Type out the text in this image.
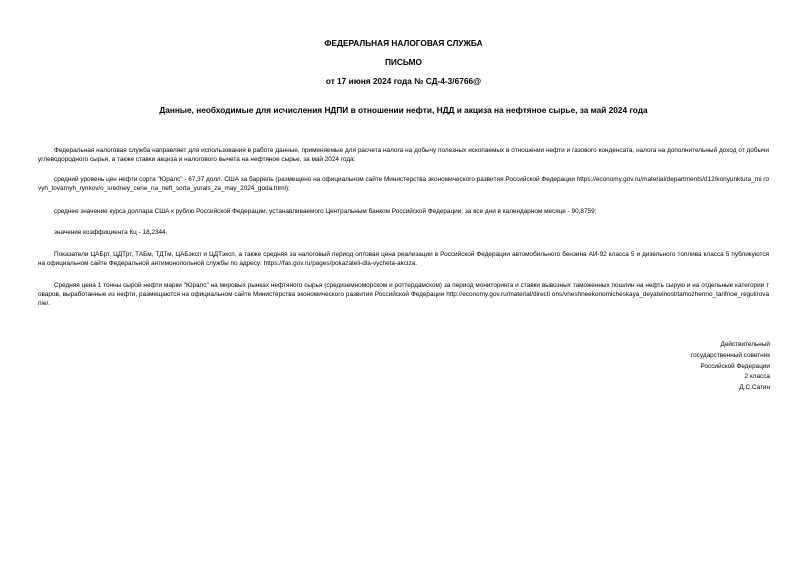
ФЕДЕРАЛЬНАЯ НАЛОГОВАЯ СЛУЖБА
ПИСЬМО
от 17 июня 2024 года № СД-4-3/6766@
Данные, необходимые для исчисления НДПИ в отношении нефти, НДД и акциза на нефтяное сырье, за май 2024 года
Федеральная налоговая служба направляет для использования в работе данные, применяемые для расчета налога на добычу полезных ископаемых в отношении нефти и газового конденсата, налога на дополнительный доход от добычи углеводородного сырья, а также ставки акциза и налогового вычета на нефтяное сырье, за май 2024 года:
средний уровень цен нефти сорта "Юралс" - 67,37 долл. США за баррель (размещено на официальном сайте Министерства экономического развития Российской Федерации https://economy.gov.ru/material/departments/d12/konyunktura_mi rovyh_tovarnyh_rynkov/o_sredney_cene_na_neft_sorta_yurals_za_may_2024_goda.html);
среднее значение курса доллара США к рублю Российской Федерации, устанавливаемого Центральным банком Российской Федерации, за все дни в календарном месяце - 90,8759;
значение коэффициента Кц - 18,2344.
Показатели ЦАБрт, ЦДТрт, ТАБм, ТДТм, ЦАБэксп и ЦДТэксп, а также средняя за налоговый период оптовая цена реализации в Российской Федерации автомобильного бензина АИ-92 класса 5 и дизельного топлива класса 5 публикуются на официальном сайте Федеральной антимонопольной службы по адресу: https://fas.gov.ru/pages/pokazateli-dla-vycheta-akciza.
Средняя цена 1 тонны сырой нефти марки "Юралс" на мировых рынках нефтяного сырья (средиземноморском и роттердамском) за период мониторинга и ставки вывозных таможенных пошлин на нефть сырую и на отдельные категории товаров, выработанные из нефти, размещаются на официальном сайте Министерства экономического развития Российской Федерации http://economy.gov.ru/material/directi ons/vneshneekonomicheskaya_deyatelnost/tamozhenno_tarifnoe_regulirovanie/.
Действительный
государственный советник
Российской Федерации
2 класса
Д.С.Сатин
